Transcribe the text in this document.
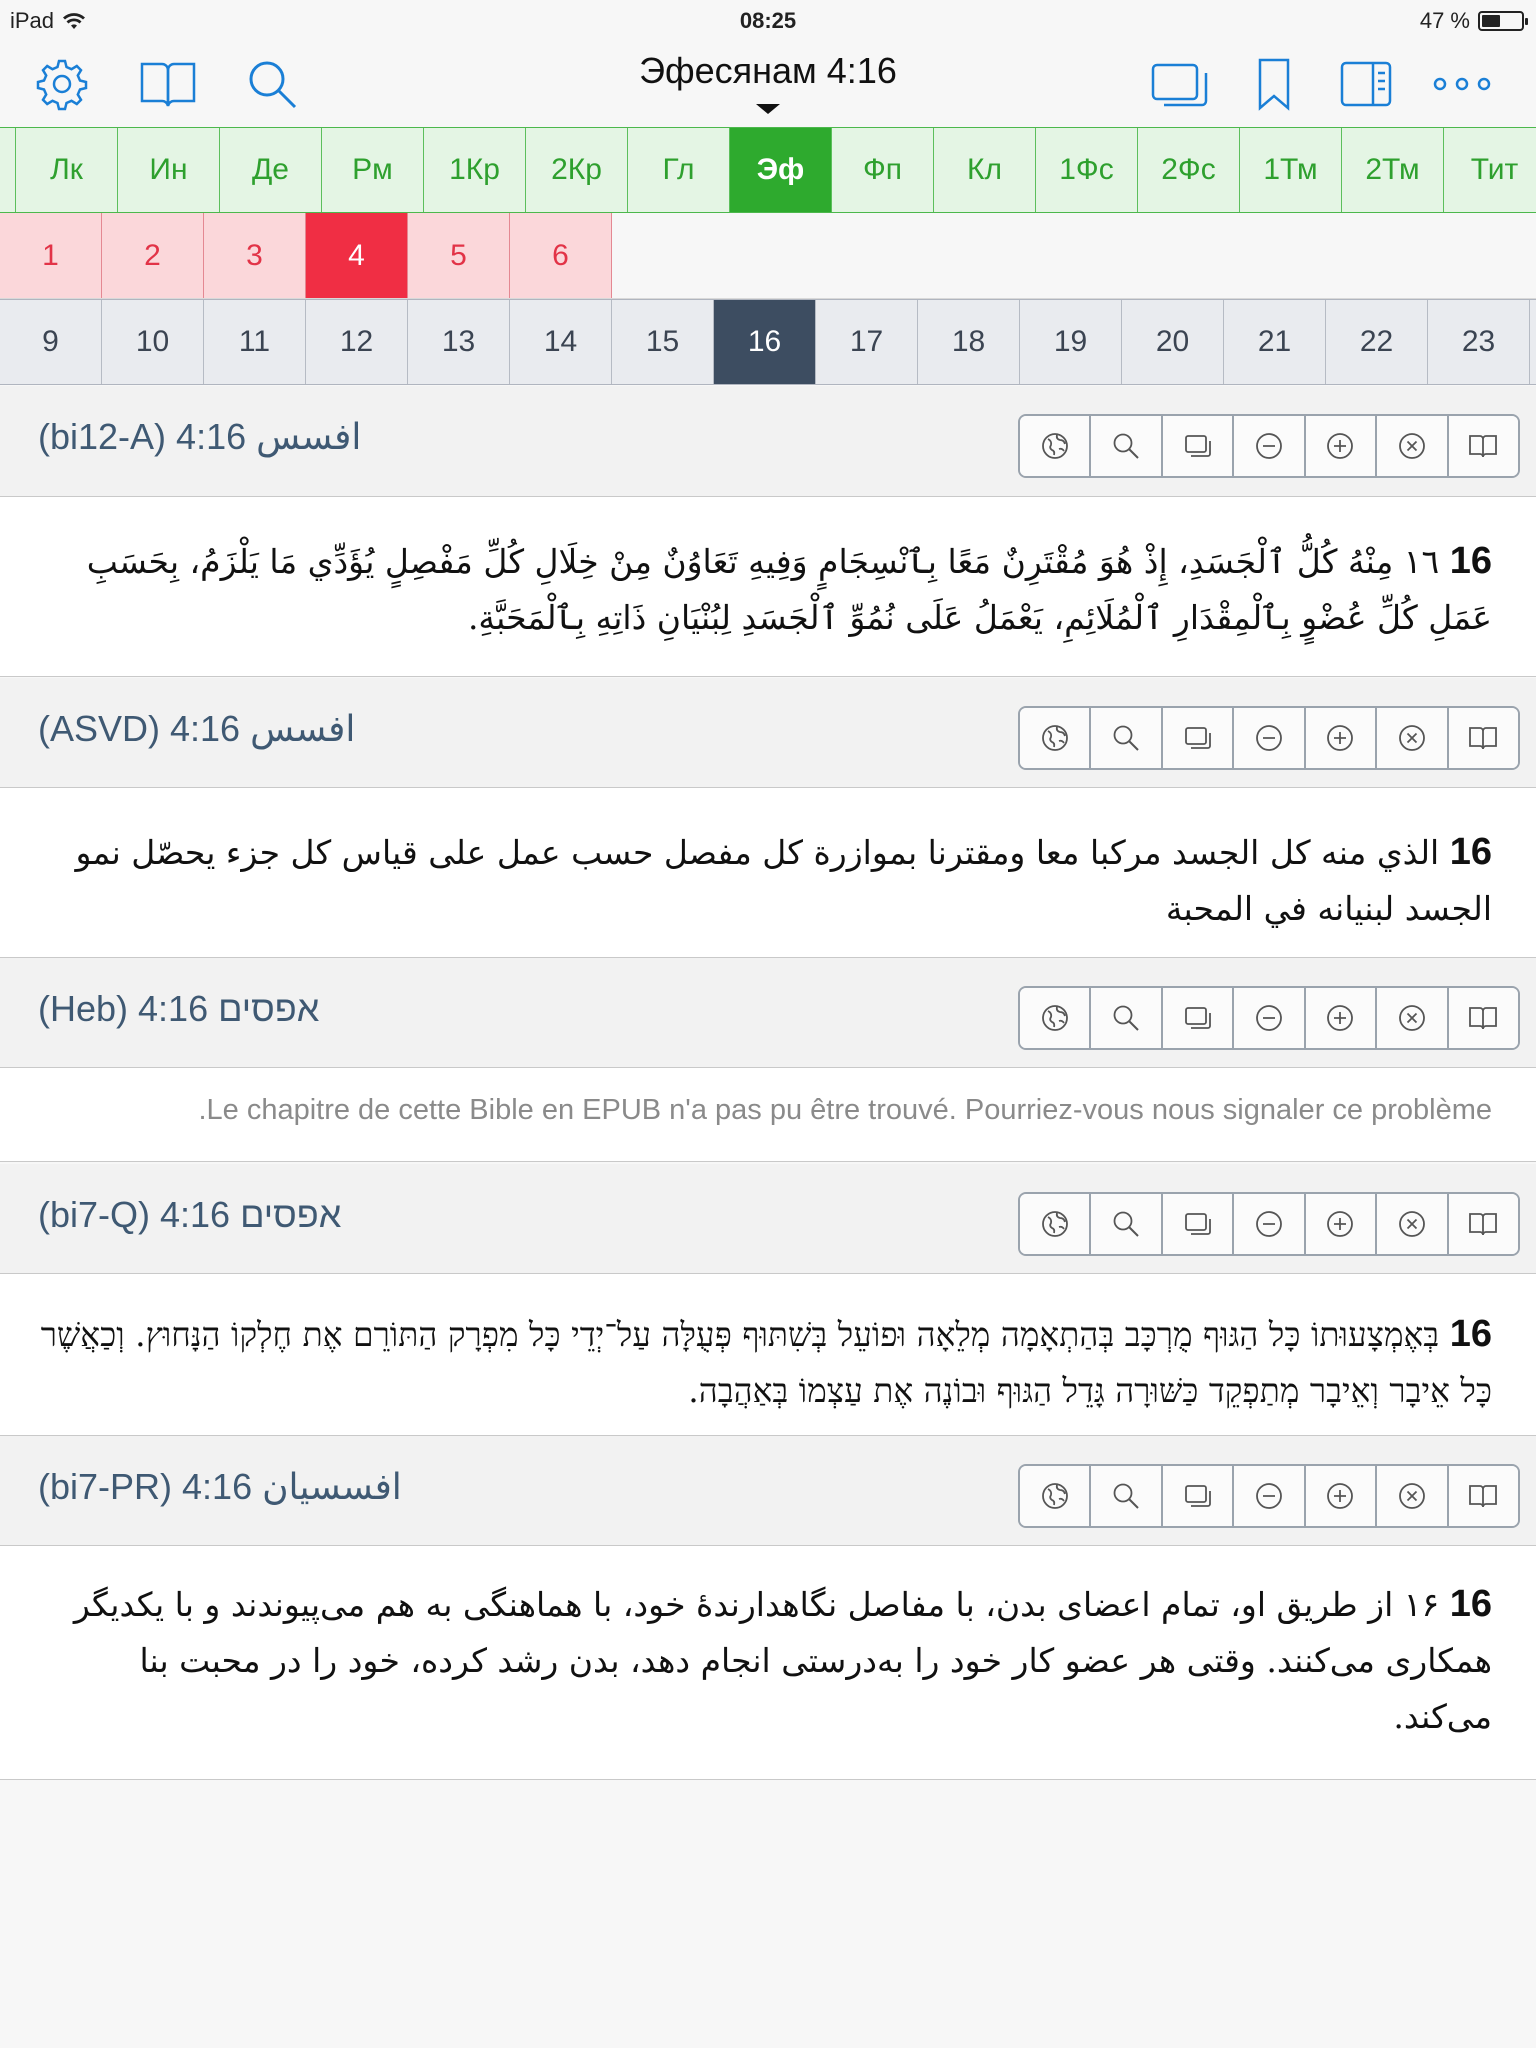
iPad	08:25	47 %
Эфесянам 4:16
Лк	Ин	Де	Рм	1Кр	2Кр	Гл	Эф	Фп	Кл	1Фс	2Фс	1Тм	2Тм	Тит
1	2	3	4	5	6
9	10	11	12	13	14	15	16	17	18	19	20	21	22	23
(bi12-A) 4:16 افسس
16 ١٦ مِنْهُ كُلُّ ٱلْجَسَدِ، إِذْ هُوَ مُقْتَرِنٌ مَعًا بِٱنْسِجَامٍ وَفِيهِ تَعَاوُنٌ مِنْ خِلَالِ كُلِّ مَفْصِلٍ يُؤَدِّي مَا يَلْزَمُ، بِحَسَبِ عَمَلِ كُلِّ عُضْوٍ بِٱلْمِقْدَارِ ٱلْمُلَائِمِ، يَعْمَلُ عَلَى نُمُوِّ ٱلْجَسَدِ لِبُنْيَانِ ذَاتِهِ بِٱلْمَحَبَّةِ.
(ASVD) 4:16 افسس
16 الذي منه كل الجسد مركبا معا ومقترنا بموازرة كل مفصل حسب عمل على قياس كل جزء يحصّل نمو الجسد لبنيانه في المحبة
(Heb) 4:16 אפסים
Le chapitre de cette Bible en EPUB n'a pas pu être trouvé. Pourriez-vous nous signaler ce problème.
(bi7-Q) 4:16 אפסים
16 בְּאֶמְצָעוּתוֹ כָּל הַגּוּף מֻרְכָּב בְּהַתְאָמָה מְלֵאָה וּפוֹעֵל בְּשִׁתּוּף פְּעֻלָּה עַל־יְדֵי כָּל מִפְרָק הַתּוֹרֵם אֶת חֶלְקוֹ הַנָּחוּץ. וְכַאֲשֶׁר כָּל אֵיבָר וְאֵיבָר מְתַפְקֵד כַּשּׁוּרָה גָּדֵל הַגּוּף וּבוֹנֶה אֶת עַצְמוֹ בְּאַהֲבָה.
(bi7-PR) 4:16 افسسیان
16 ۱۶ از طریق او، تمام اعضای بدن، با مفاصل نگاهدارندهٔ خود، با هماهنگی به هم می‌پیوندند و با یکدیگر همکاری می‌کنند. وقتی هر عضو کار خود را به‌درستی انجام دهد، بدن رشد کرده، خود را در محبت بنا می‌کند.
